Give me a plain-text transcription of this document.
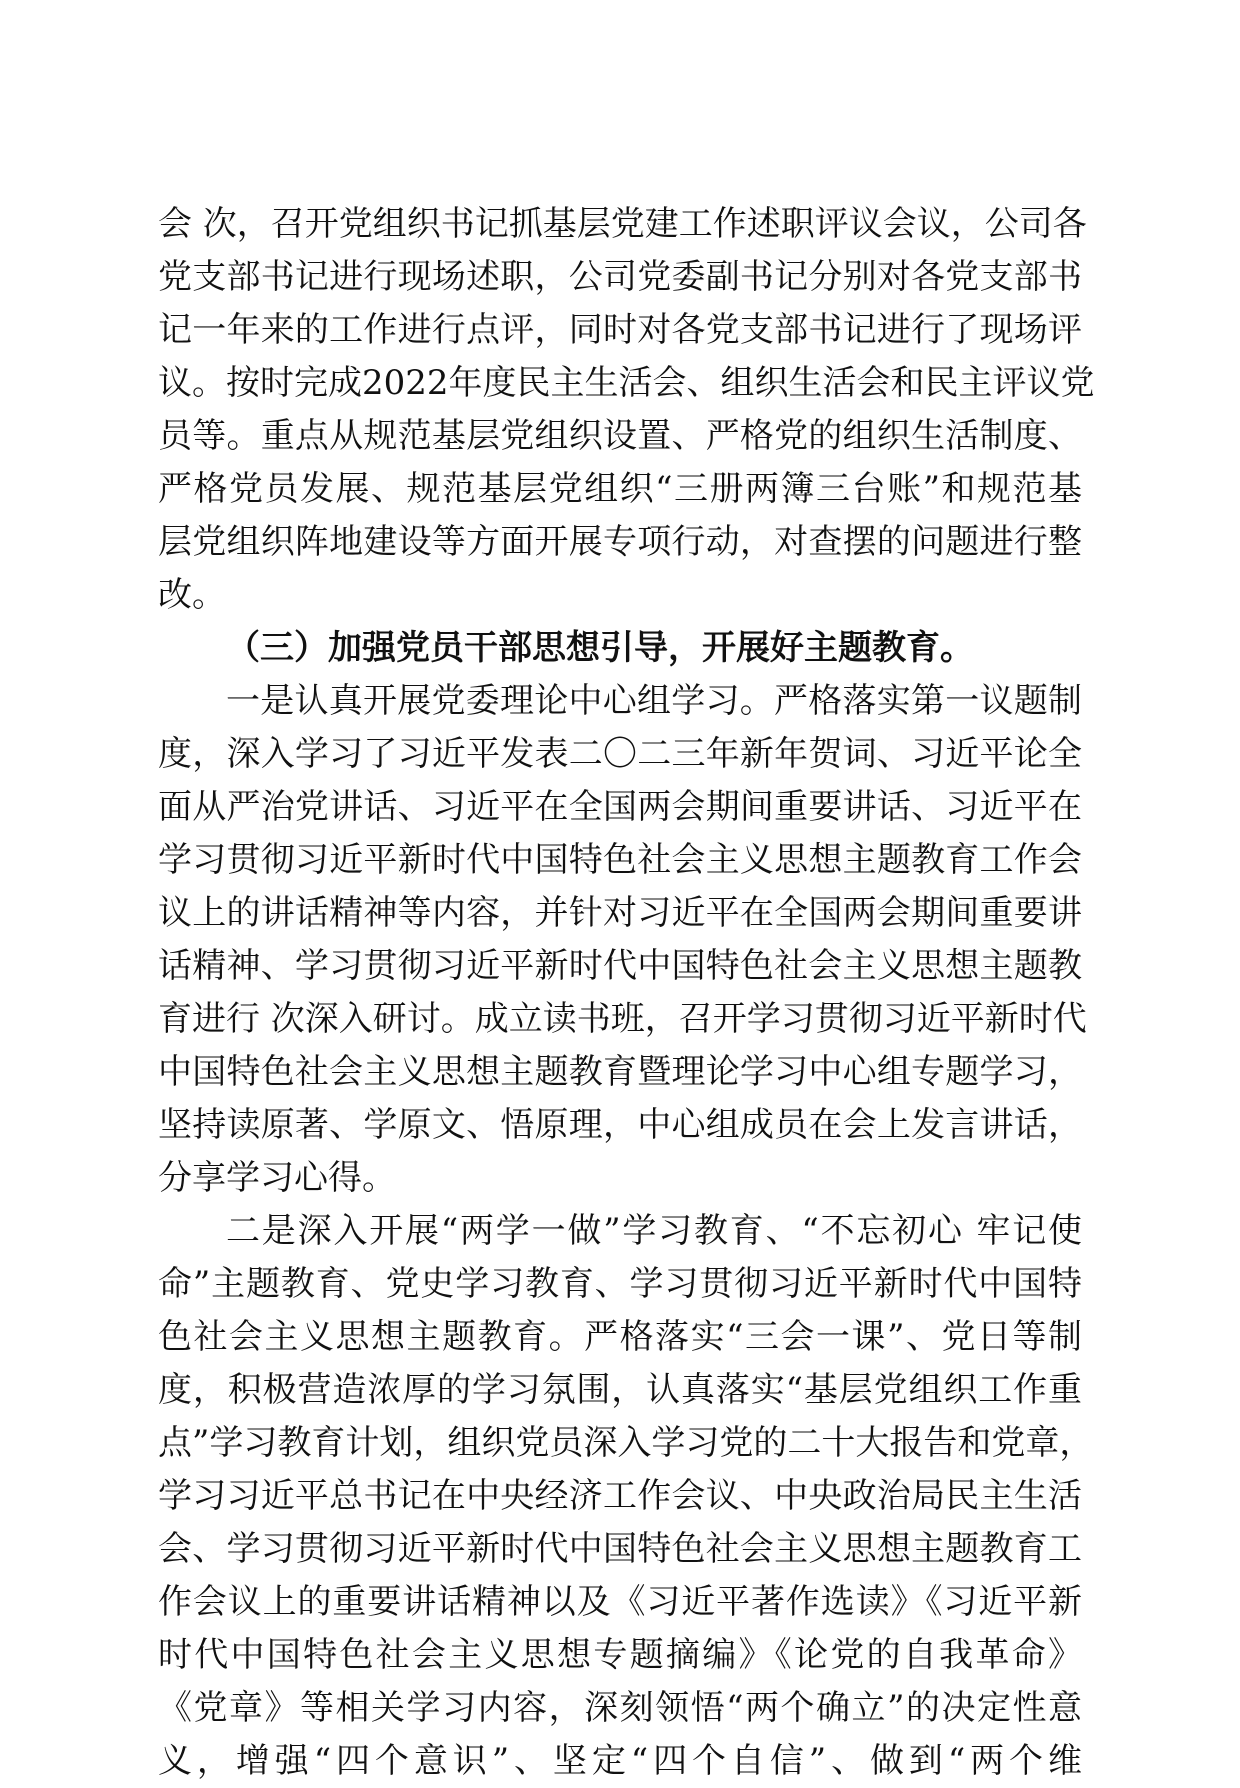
会 次，召开党组织书记抓基层党建工作述职评议会议，公司各
党支部书记进行现场述职，公司党委副书记分别对各党支部书
记一年来的工作进行点评，同时对各党支部书记进行了现场评
议。按时完成2022年度民主生活会、组织生活会和民主评议党
员等。重点从规范基层党组织设置、严格党的组织生活制度、
严格党员发展、规范基层党组织“三册两簿三台账”和规范基
层党组织阵地建设等方面开展专项行动，对查摆的问题进行整
改。

（三）加强党员干部思想引导，开展好主题教育。

一是认真开展党委理论中心组学习。严格落实第一议题制
度，深入学习了习近平发表二〇二三年新年贺词、习近平论全
面从严治党讲话、习近平在全国两会期间重要讲话、习近平在
学习贯彻习近平新时代中国特色社会主义思想主题教育工作会
议上的讲话精神等内容，并针对习近平在全国两会期间重要讲
话精神、学习贯彻习近平新时代中国特色社会主义思想主题教
育进行 次深入研讨。成立读书班，召开学习贯彻习近平新时代
中国特色社会主义思想主题教育暨理论学习中心组专题学习，
坚持读原著、学原文、悟原理，中心组成员在会上发言讲话，
分享学习心得。

二是深入开展“两学一做”学习教育、“不忘初心 牢记使
命”主题教育、党史学习教育、学习贯彻习近平新时代中国特
色社会主义思想主题教育。严格落实“三会一课”、党日等制
度，积极营造浓厚的学习氛围，认真落实“基层党组织工作重
点”学习教育计划，组织党员深入学习党的二十大报告和党章，
学习习近平总书记在中央经济工作会议、中央政治局民主生活
会、学习贯彻习近平新时代中国特色社会主义思想主题教育工
作会议上的重要讲话精神以及《习近平著作选读》《习近平新
时代中国特色社会主义思想专题摘编》《论党的自我革命》
《党章》等相关学习内容，深刻领悟“两个确立”的决定性意
义，增强“四个意识”、坚定“四个自信”、做到“两个维
